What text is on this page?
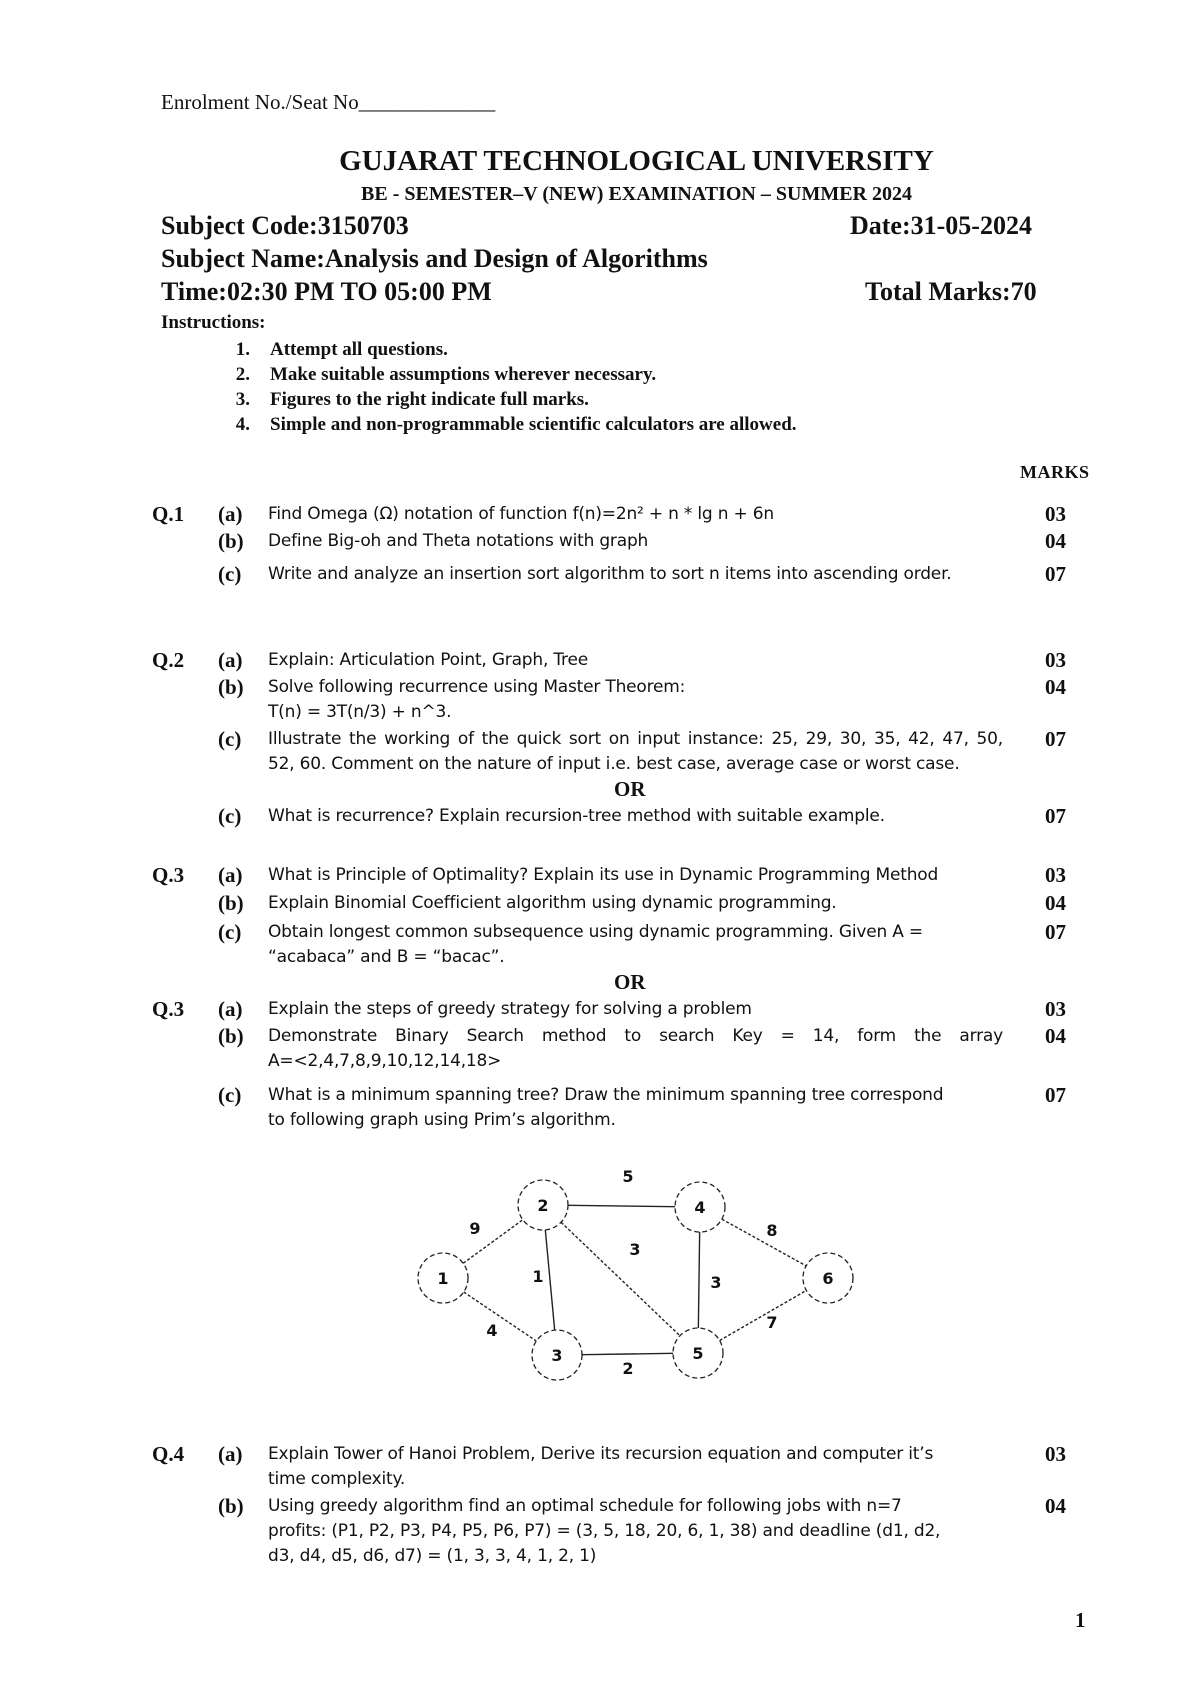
Enrolment No./Seat No_____________
GUJARAT TECHNOLOGICAL UNIVERSITY
BE - SEMESTER–V (NEW) EXAMINATION – SUMMER 2024
Subject Code:3150703	Date:31-05-2024
Subject Name:Analysis and Design of Algorithms
Time:02:30 PM TO 05:00 PM	Total Marks:70
Instructions:
1. Attempt all questions.
2. Make suitable assumptions wherever necessary.
3. Figures to the right indicate full marks.
4. Simple and non-programmable scientific calculators are allowed.
MARKS
Q.1 (a) Find Omega (Ω) notation of function f(n)=2n² + n * lg n + 6n	03
(b) Define Big-oh and Theta notations with graph	04
(c) Write and analyze an insertion sort algorithm to sort n items into ascending order.	07
Q.2 (a) Explain: Articulation Point, Graph, Tree	03
(b) Solve following recurrence using Master Theorem:
T(n) = 3T(n/3) + n^3.
04
(c) Illustrate the working of the quick sort on input instance: 25, 29, 30, 35, 42, 47, 50,
52, 60. Comment on the nature of input i.e. best case, average case or worst case.
07
OR
(c) What is recurrence? Explain recursion-tree method with suitable example.	07
Q.3 (a) What is Principle of Optimality? Explain its use in Dynamic Programming Method	03
(b) Explain Binomial Coefficient algorithm using dynamic programming.	04
(c) Obtain longest common subsequence using dynamic programming. Given A =
“acabaca” and B = “bacac”.
07
OR
Q.3 (a) Explain the steps of greedy strategy for solving a problem	03
(b) Demonstrate Binary Search method to search Key = 14, form the array
A=<2,4,7,8,9,10,12,14,18>
04
(c) What is a minimum spanning tree? Draw the minimum spanning tree correspond
to following graph using Prim’s algorithm.
07
9
4
1
5
3
2
3
8
7
1
2
3
4
5
6
Q.4 (a) Explain Tower of Hanoi Problem, Derive its recursion equation and computer it’s
time complexity.
03
(b) Using greedy algorithm find an optimal schedule for following jobs with n=7
profits: (P1, P2, P3, P4, P5, P6, P7) = (3, 5, 18, 20, 6, 1, 38) and deadline (d1, d2,
d3, d4, d5, d6, d7) = (1, 3, 3, 4, 1, 2, 1)
04
1
